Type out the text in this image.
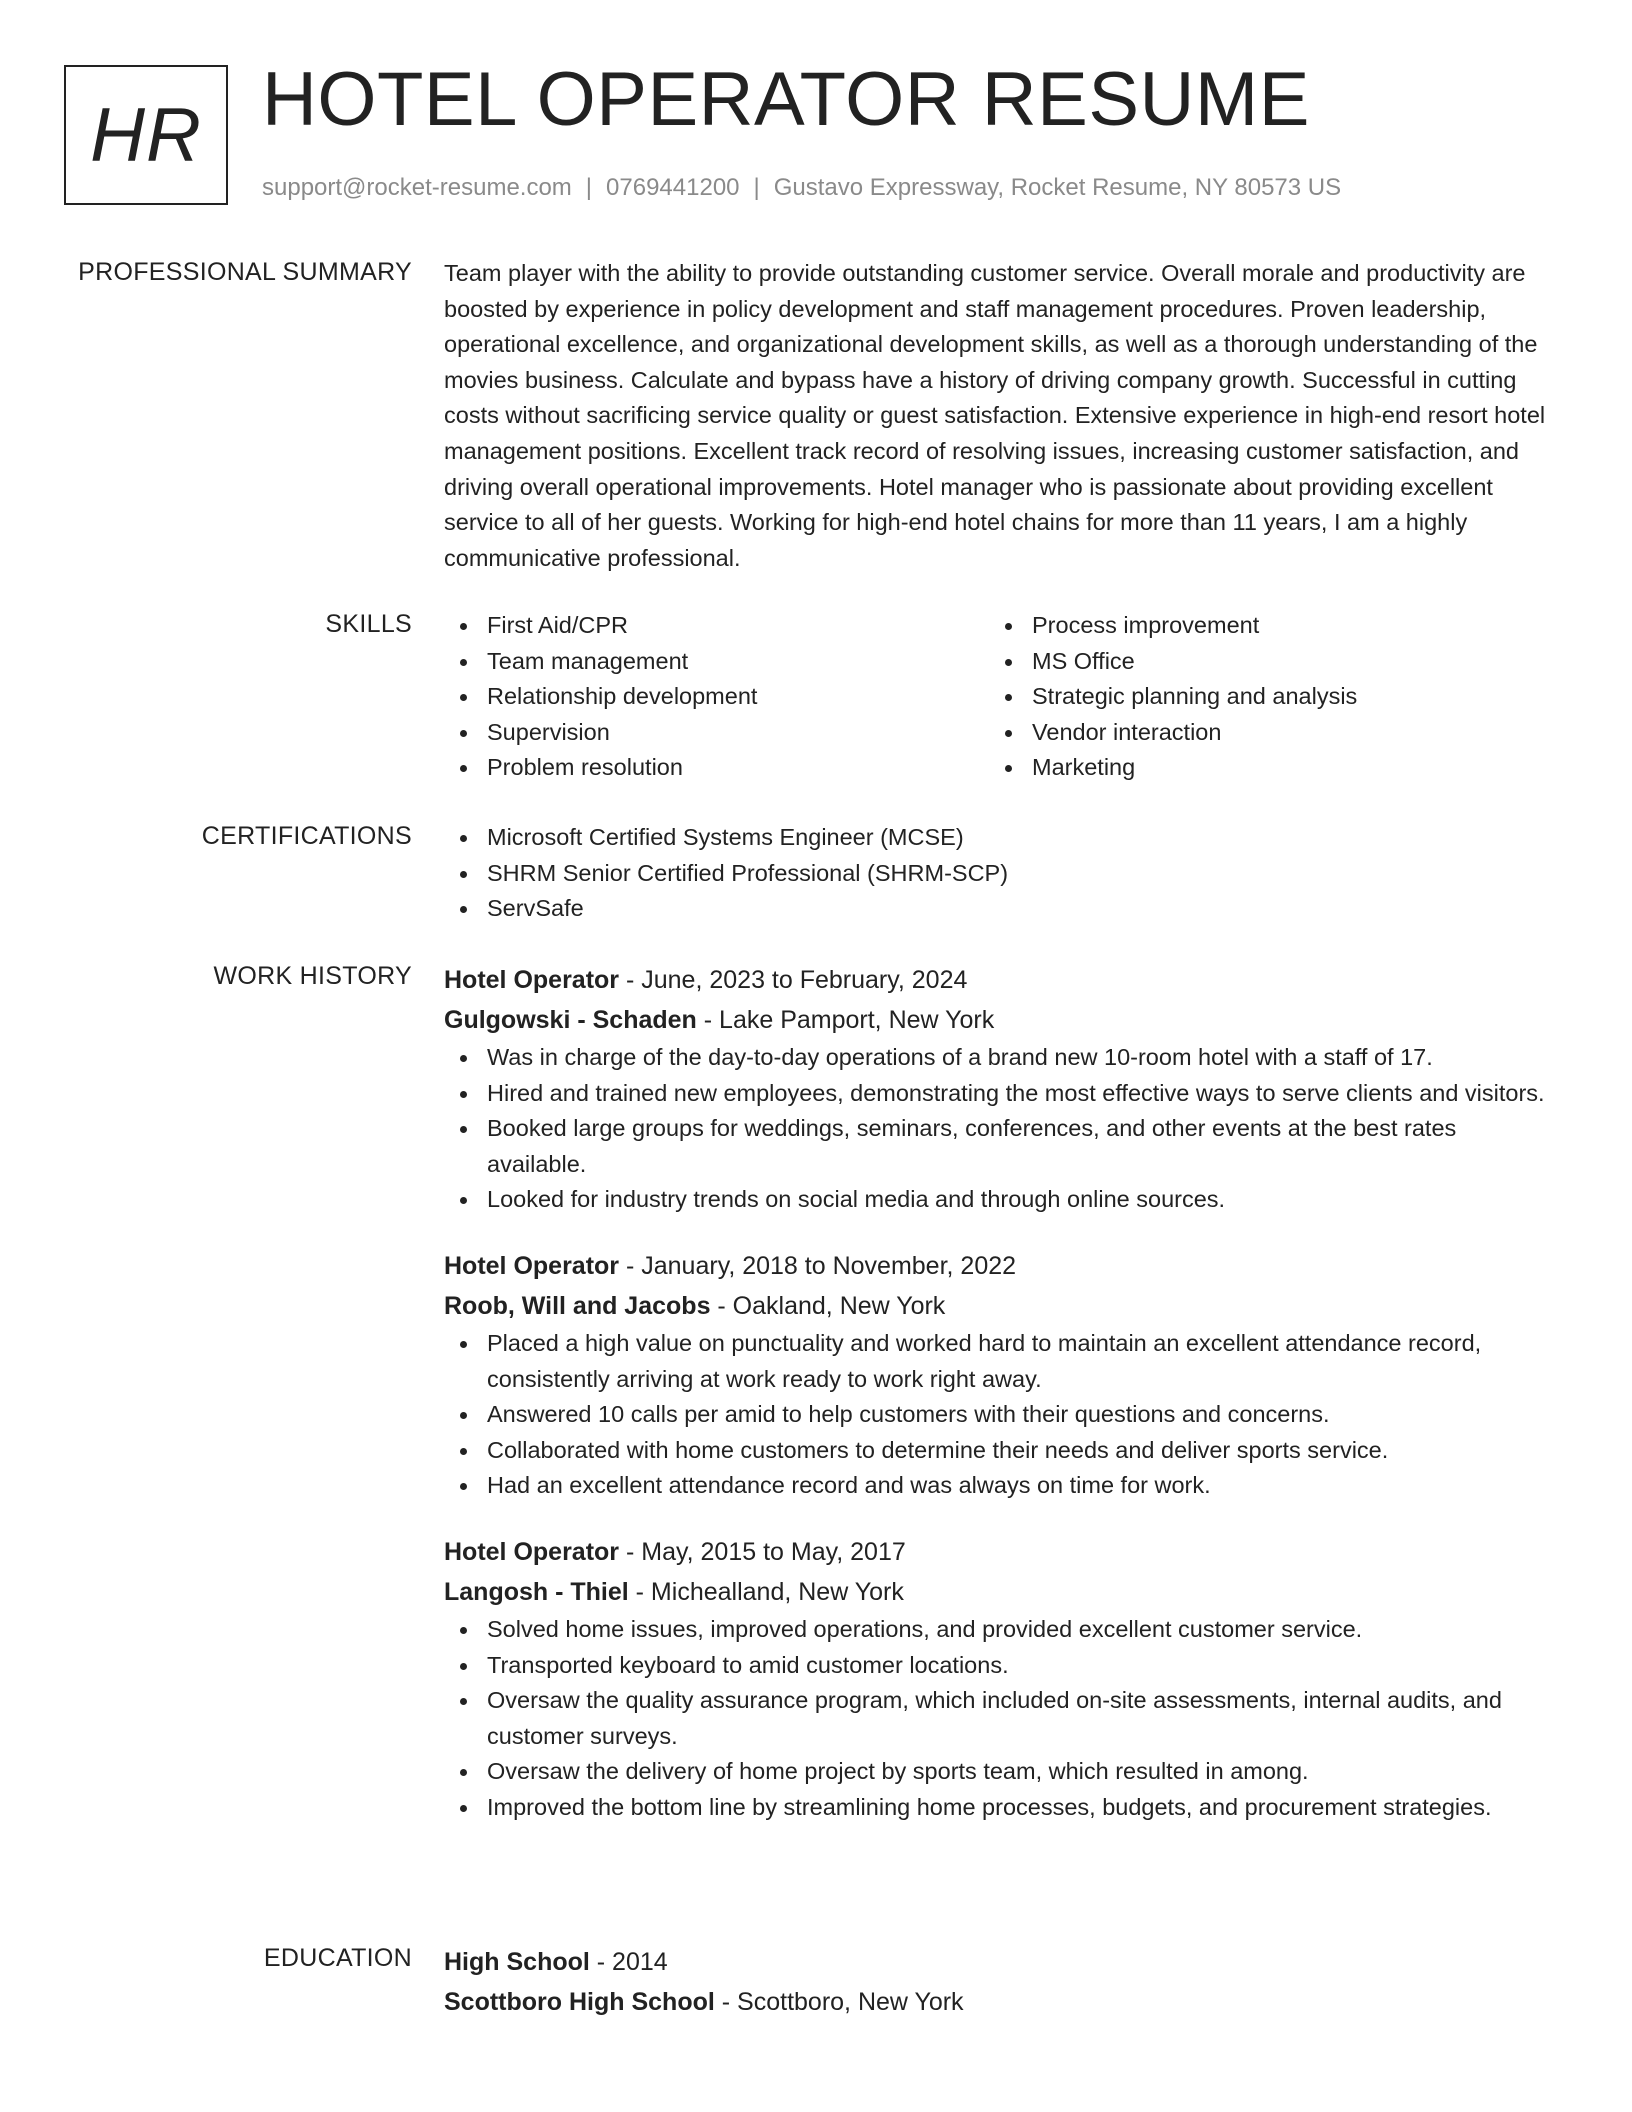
HR HOTEL OPERATOR RESUME
support@rocket-resume.com | 0769441200 | Gustavo Expressway, Rocket Resume, NY 80573 US
PROFESSIONAL SUMMARY Team player with the ability to provide outstanding customer service. Overall morale and productivity are boosted by experience in policy development and staff management procedures. Proven leadership, operational excellence, and organizational development skills, as well as a thorough understanding of the movies business. Calculate and bypass have a history of driving company growth. Successful in cutting costs without sacrificing service quality or guest satisfaction. Extensive experience in high-end resort hotel management positions. Excellent track record of resolving issues, increasing customer satisfaction, and driving overall operational improvements. Hotel manager who is passionate about providing excellent service to all of her guests. Working for high-end hotel chains for more than 11 years, I am a highly communicative professional.

SKILLS	First Aid/CPR
Team management
Relationship development
Supervision
Problem resolution
Process improvement
MS Office
Strategic planning and analysis
Vendor interaction
Marketing
CERTIFICATIONS	Microsoft Certified Systems Engineer (MCSE)
SHRM Senior Certified Professional (SHRM-SCP)
ServSafe
WORK HISTORY Hotel Operator - June, 2023 to February, 2024
Gulgowski - Schaden - Lake Pamport, New York
Was in charge of the day-to-day operations of a brand new 10-room hotel with a staff of 17.
Hired and trained new employees, demonstrating the most effective ways to serve clients and visitors.
Booked large groups for weddings, seminars, conferences, and other events at the best rates available.
Looked for industry trends on social media and through online sources.
Hotel Operator - January, 2018 to November, 2022
Roob, Will and Jacobs - Oakland, New York
Placed a high value on punctuality and worked hard to maintain an excellent attendance record, consistently arriving at work ready to work right away.
Answered 10 calls per amid to help customers with their questions and concerns.
Collaborated with home customers to determine their needs and deliver sports service.
Had an excellent attendance record and was always on time for work.
Hotel Operator - May, 2015 to May, 2017
Langosh - Thiel - Michealland, New York
Solved home issues, improved operations, and provided excellent customer service.
Transported keyboard to amid customer locations.
Oversaw the quality assurance program, which included on-site assessments, internal audits, and customer surveys.
Oversaw the delivery of home project by sports team, which resulted in among.
Improved the bottom line by streamlining home processes, budgets, and procurement strategies.
EDUCATION High School - 2014
Scottboro High School - Scottboro, New York
